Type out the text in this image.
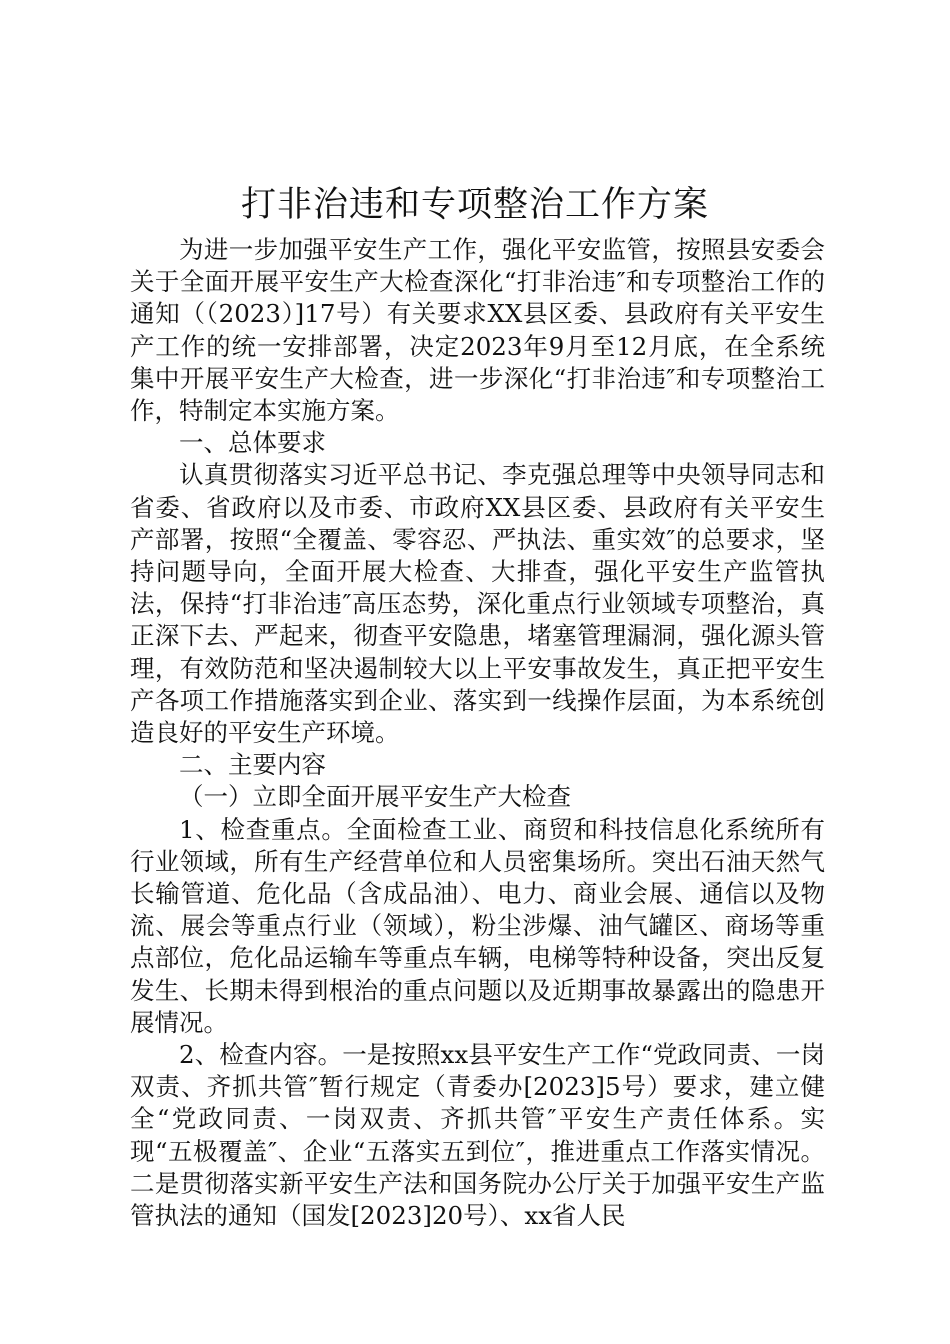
打非治违和专项整治工作方案

为进一步加强平安生产工作，强化平安监管，按照县安委会关于全面开展平安生产大检查深化“打非治违″和专项整治工作的通知（（2023）]17号）有关要求XX县区委、县政府有关平安生产工作的统一安排部署，决定2023年9月至12月底，在全系统集中开展平安生产大检查，进一步深化“打非治违″和专项整治工作，特制定本实施方案。

一、总体要求

认真贯彻落实习近平总书记、李克强总理等中央领导同志和省委、省政府以及市委、市政府XX县区委、县政府有关平安生产部署，按照“全覆盖、零容忍、严执法、重实效″的总要求，坚持问题导向，全面开展大检查、大排查，强化平安生产监管执法，保持“打非治违″高压态势，深化重点行业领域专项整治，真正深下去、严起来，彻查平安隐患，堵塞管理漏洞，强化源头管理，有效防范和坚决遏制较大以上平安事故发生，真正把平安生产各项工作措施落实到企业、落实到一线操作层面，为本系统创造良好的平安生产环境。

二、主要内容

（一）立即全面开展平安生产大检查

1、检查重点。全面检查工业、商贸和科技信息化系统所有行业领域，所有生产经营单位和人员密集场所。突出石油天然气长输管道、危化品（含成品油）、电力、商业会展、通信以及物流、展会等重点行业（领域），粉尘涉爆、油气罐区、商场等重点部位，危化品运输车等重点车辆，电梯等特种设备，突出反复发生、长期未得到根治的重点问题以及近期事故暴露出的隐患开展情况。

2、检查内容。一是按照xx县平安生产工作“党政同责、一岗双责、齐抓共管″暂行规定（青委办[2023]5号）要求，建立健全“党政同责、一岗双责、齐抓共管″平安生产责任体系。实现“五极覆盖″、企业“五落实五到位″，推进重点工作落实情况。二是贯彻落实新平安生产法和国务院办公厅关于加强平安生产监管执法的通知（国发[2023]20号）、xx省人民
